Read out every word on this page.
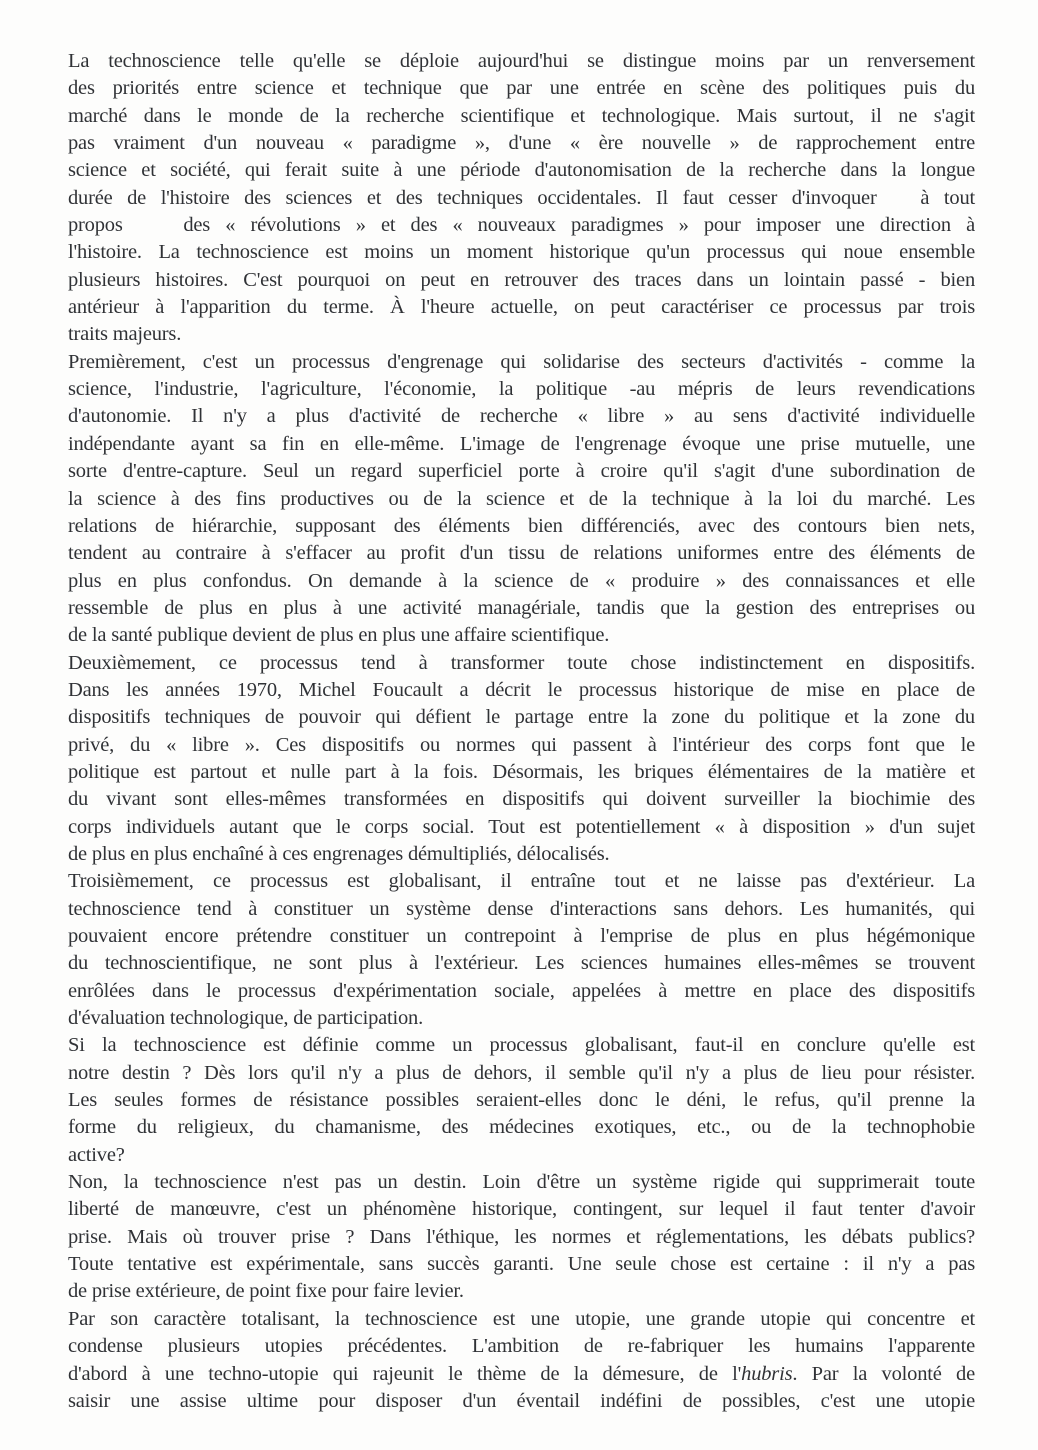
La technoscience telle qu'elle se déploie aujourd'hui se distingue moins par un renversement
des priorités entre science et technique que par une entrée en scène des politiques puis du
marché dans le monde de la recherche scientifique et technologique. Mais surtout, il ne s'agit
pas vraiment d'un nouveau « paradigme », d'une « ère nouvelle » de rapprochement entre
science et société, qui ferait suite à une période d'autonomisation de la recherche dans la longue
durée de l'histoire des sciences et des techniques occidentales. Il faut cesser d'invoquer   à tout
propos    des « révolutions » et des « nouveaux paradigmes » pour imposer une direction à
l'histoire. La technoscience est moins un moment historique qu'un processus qui noue ensemble
plusieurs histoires. C'est pourquoi on peut en retrouver des traces dans un lointain passé - bien
antérieur à l'apparition du terme. À l'heure actuelle, on peut caractériser ce processus par trois
traits majeurs.
Premièrement, c'est un processus d'engrenage qui solidarise des secteurs d'activités - comme la
science, l'industrie, l'agriculture, l'économie, la politique -au mépris de leurs revendications
d'autonomie. Il n'y a plus d'activité de recherche « libre » au sens d'activité individuelle
indépendante ayant sa fin en elle-même. L'image de l'engrenage évoque une prise mutuelle, une
sorte d'entre-capture. Seul un regard superficiel porte à croire qu'il s'agit d'une subordination de
la science à des fins productives ou de la science et de la technique à la loi du marché. Les
relations de hiérarchie, supposant des éléments bien différenciés, avec des contours bien nets,
tendent au contraire à s'effacer au profit d'un tissu de relations uniformes entre des éléments de
plus en plus confondus. On demande à la science de « produire » des connaissances et elle
ressemble de plus en plus à une activité managériale, tandis que la gestion des entreprises ou
de la santé publique devient de plus en plus une affaire scientifique.
Deuxièmement, ce processus tend à transformer toute chose indistinctement en dispositifs.
Dans les années 1970, Michel Foucault a décrit le processus historique de mise en place de
dispositifs techniques de pouvoir qui défient le partage entre la zone du politique et la zone du
privé, du « libre ». Ces dispositifs ou normes qui passent à l'intérieur des corps font que le
politique est partout et nulle part à la fois. Désormais, les briques élémentaires de la matière et
du vivant sont elles-mêmes transformées en dispositifs qui doivent surveiller la biochimie des
corps individuels autant que le corps social. Tout est potentiellement « à disposition » d'un sujet
de plus en plus enchaîné à ces engrenages démultipliés, délocalisés.
Troisièmement, ce processus est globalisant, il entraîne tout et ne laisse pas d'extérieur. La
technoscience tend à constituer un système dense d'interactions sans dehors. Les humanités, qui
pouvaient encore prétendre constituer un contrepoint à l'emprise de plus en plus hégémonique
du technoscientifique, ne sont plus à l'extérieur. Les sciences humaines elles-mêmes se trouvent
enrôlées dans le processus d'expérimentation sociale, appelées à mettre en place des dispositifs
d'évaluation technologique, de participation.
Si la technoscience est définie comme un processus globalisant, faut-il en conclure qu'elle est
notre destin ? Dès lors qu'il n'y a plus de dehors, il semble qu'il n'y a plus de lieu pour résister.
Les seules formes de résistance possibles seraient-elles donc le déni, le refus, qu'il prenne la
forme du religieux, du chamanisme, des médecines exotiques, etc., ou de la technophobie
active?
Non, la technoscience n'est pas un destin. Loin d'être un système rigide qui supprimerait toute
liberté de manœuvre, c'est un phénomène historique, contingent, sur lequel il faut tenter d'avoir
prise. Mais où trouver prise ? Dans l'éthique, les normes et réglementations, les débats publics?
Toute tentative est expérimentale, sans succès garanti. Une seule chose est certaine : il n'y a pas
de prise extérieure, de point fixe pour faire levier.
Par son caractère totalisant, la technoscience est une utopie, une grande utopie qui concentre et
condense plusieurs utopies précédentes. L'ambition de re-fabriquer les humains l'apparente
d'abord à une techno-utopie qui rajeunit le thème de la démesure, de l'hubris. Par la volonté de
saisir une assise ultime pour disposer d'un éventail indéfini de possibles, c'est une utopie
